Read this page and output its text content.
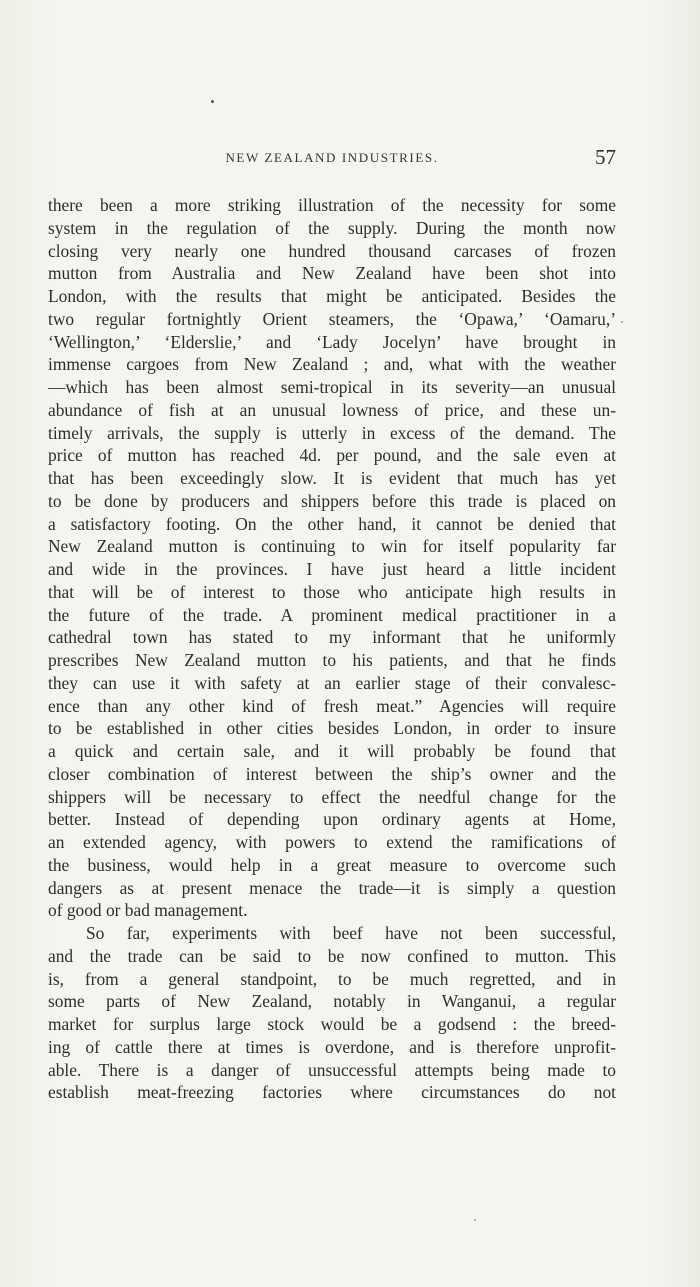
NEW ZEALAND INDUSTRIES.	57
there been a more striking illustration of the necessity for some
system in the regulation of the supply. During the month now
closing very nearly one hundred thousand carcases of frozen
mutton from Australia and New Zealand have been shot into
London, with the results that might be anticipated. Besides the
two regular fortnightly Orient steamers, the ‘Opawa,’ ‘Oamaru,’
‘Wellington,’ ‘Elderslie,’ and ‘Lady Jocelyn’ have brought in
immense cargoes from New Zealand ; and, what with the weather
—which has been almost semi-tropical in its severity—an unusual
abundance of fish at an unusual lowness of price, and these un-
timely arrivals, the supply is utterly in excess of the demand. The
price of mutton has reached 4d. per pound, and the sale even at
that has been exceedingly slow. It is evident that much has yet
to be done by producers and shippers before this trade is placed on
a satisfactory footing. On the other hand, it cannot be denied that
New Zealand mutton is continuing to win for itself popularity far
and wide in the provinces. I have just heard a little incident
that will be of interest to those who anticipate high results in
the future of the trade. A prominent medical practitioner in a
cathedral town has stated to my informant that he uniformly
prescribes New Zealand mutton to his patients, and that he finds
they can use it with safety at an earlier stage of their convalesc-
ence than any other kind of fresh meat.” Agencies will require
to be established in other cities besides London, in order to insure
a quick and certain sale, and it will probably be found that
closer combination of interest between the ship’s owner and the
shippers will be necessary to effect the needful change for the
better. Instead of depending upon ordinary agents at Home,
an extended agency, with powers to extend the ramifications of
the business, would help in a great measure to overcome such
dangers as at present menace the trade—it is simply a question
of good or bad management.
So far, experiments with beef have not been successful,
and the trade can be said to be now confined to mutton. This
is, from a general standpoint, to be much regretted, and in
some parts of New Zealand, notably in Wanganui, a regular
market for surplus large stock would be a godsend : the breed-
ing of cattle there at times is overdone, and is therefore unprofit-
able. There is a danger of unsuccessful attempts being made to
establish meat-freezing factories where circumstances do not
